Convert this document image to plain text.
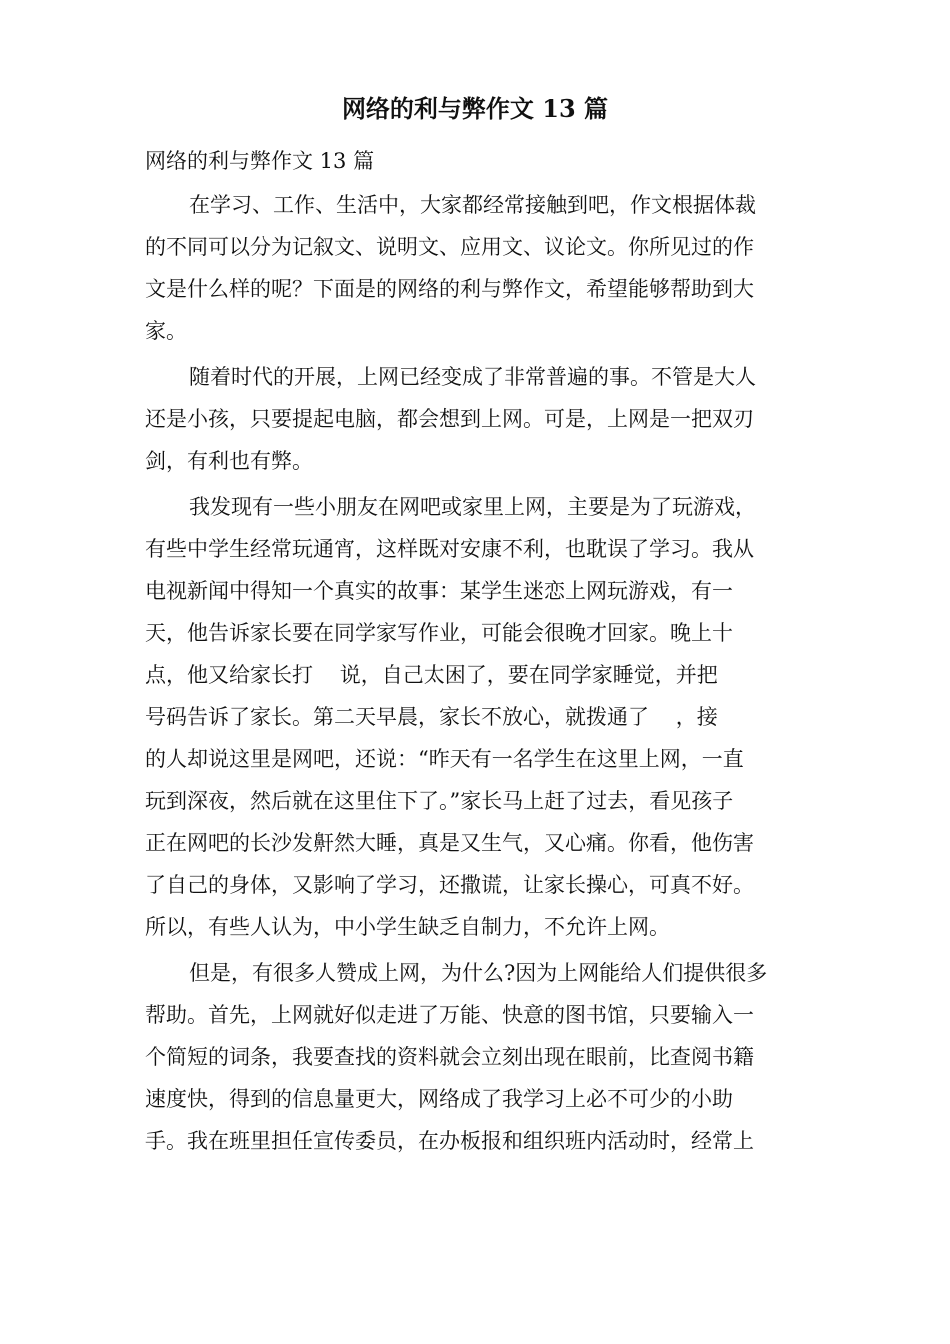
网络的利与弊作文 13 篇
网络的利与弊作文 13 篇
在学习、工作、生活中，大家都经常接触到吧，作文根据体裁
的不同可以分为记叙文、说明文、应用文、议论文。你所见过的作
文是什么样的呢？下面是的网络的利与弊作文，希望能够帮助到大
家。
随着时代的开展，上网已经变成了非常普遍的事。不管是大人
还是小孩，只要提起电脑，都会想到上网。可是，上网是一把双刃
剑，有利也有弊。
我发现有一些小朋友在网吧或家里上网，主要是为了玩游戏，
有些中学生经常玩通宵，这样既对安康不利，也耽误了学习。我从
电视新闻中得知一个真实的故事：某学生迷恋上网玩游戏，有一
天，他告诉家长要在同学家写作业，可能会很晚才回家。晚上十
点，他又给家长打    说，自己太困了，要在同学家睡觉，并把
号码告诉了家长。第二天早晨，家长不放心，就拨通了    ，接
的人却说这里是网吧，还说：“昨天有一名学生在这里上网，一直
玩到深夜，然后就在这里住下了。”家长马上赶了过去，看见孩子
正在网吧的长沙发鼾然大睡，真是又生气，又心痛。你看，他伤害
了自己的身体，又影响了学习，还撒谎，让家长操心，可真不好。
所以，有些人认为，中小学生缺乏自制力，不允许上网。
但是，有很多人赞成上网，为什么?因为上网能给人们提供很多
帮助。首先，上网就好似走进了万能、快意的图书馆，只要输入一
个简短的词条，我要查找的资料就会立刻出现在眼前，比查阅书籍
速度快，得到的信息量更大，网络成了我学习上必不可少的小助
手。我在班里担任宣传委员，在办板报和组织班内活动时，经常上
